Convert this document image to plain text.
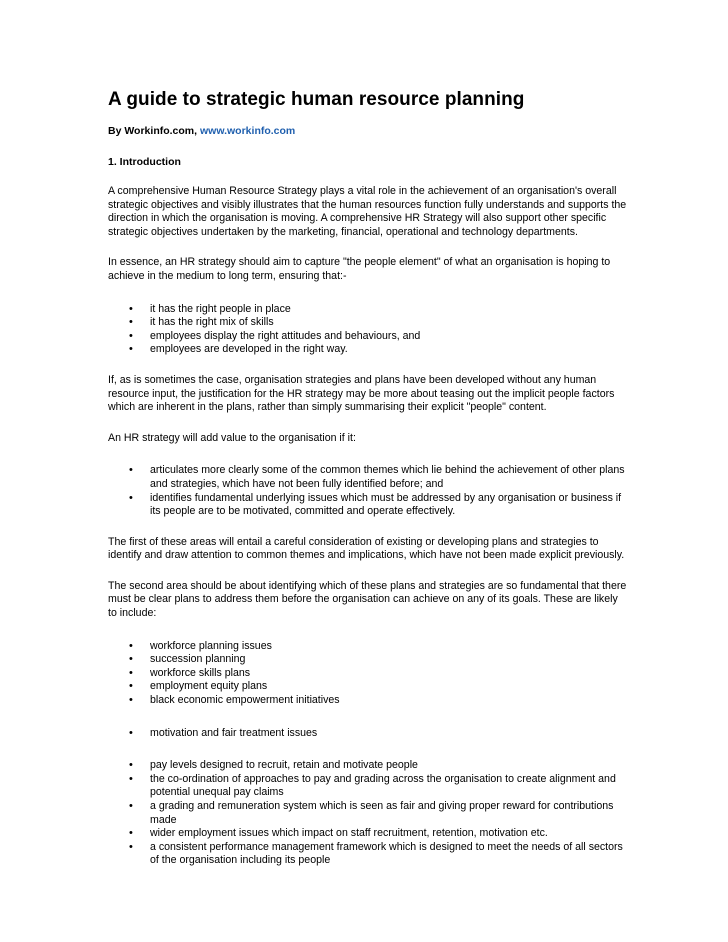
A guide to strategic human resource planning
By Workinfo.com, www.workinfo.com
1. Introduction

A comprehensive Human Resource Strategy plays a vital role in the achievement of an organisation's overall strategic objectives and visibly illustrates that the human resources function fully understands and supports the direction in which the organisation is moving. A comprehensive HR Strategy will also support other specific strategic objectives undertaken by the marketing, financial, operational and technology departments.

In essence, an HR strategy should aim to capture "the people element" of what an organisation is hoping to achieve in the medium to long term, ensuring that:-

• it has the right people in place
• it has the right mix of skills
• employees display the right attitudes and behaviours, and
• employees are developed in the right way.

If, as is sometimes the case, organisation strategies and plans have been developed without any human resource input, the justification for the HR strategy may be more about teasing out the implicit people factors which are inherent in the plans, rather than simply summarising their explicit "people" content.

An HR strategy will add value to the organisation if it:

• articulates more clearly some of the common themes which lie behind the achievement of other plans and strategies, which have not been fully identified before; and
• identifies fundamental underlying issues which must be addressed by any organisation or business if its people are to be motivated, committed and operate effectively.

The first of these areas will entail a careful consideration of existing or developing plans and strategies to identify and draw attention to common themes and implications, which have not been made explicit previously.

The second area should be about identifying which of these plans and strategies are so fundamental that there must be clear plans to address them before the organisation can achieve on any of its goals. These are likely to include:

• workforce planning issues
• succession planning
• workforce skills plans
• employment equity plans
• black economic empowerment initiatives
• motivation and fair treatment issues
• pay levels designed to recruit, retain and motivate people
• the co-ordination of approaches to pay and grading across the organisation to create alignment and potential unequal pay claims
• a grading and remuneration system which is seen as fair and giving proper reward for contributions made
• wider employment issues which impact on staff recruitment, retention, motivation etc.
• a consistent performance management framework which is designed to meet the needs of all sectors of the organisation including its people
